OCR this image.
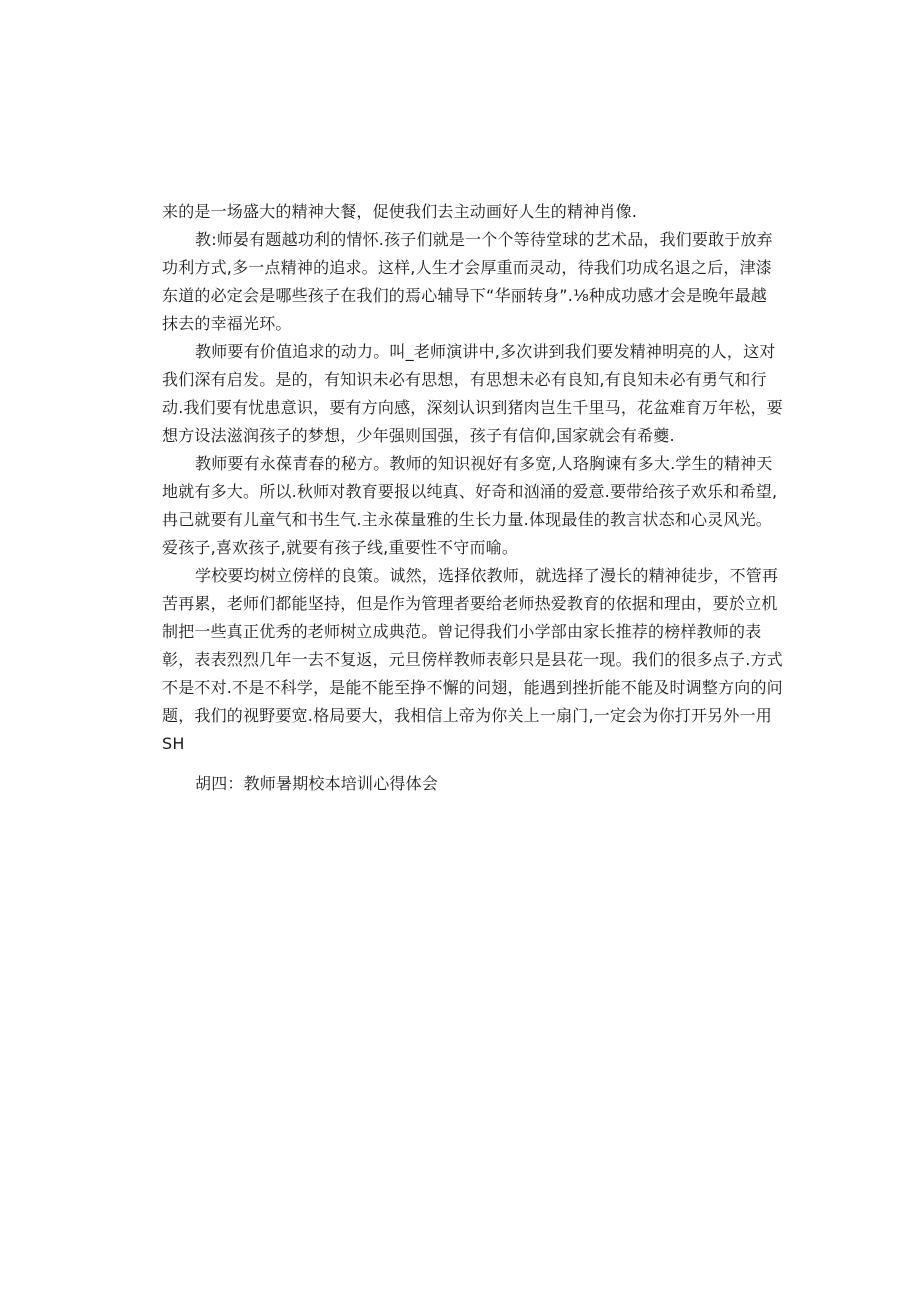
来的是一场盛大的精神大餐，促使我们去主动画好人生的精神肖像.

教:师晏有题越功利的情怀.孩子们就是一个个等待堂球的艺术品，我们要敢于放弃
功利方式,多一点精神的追求。这样,人生才会厚重而灵动，待我们功成名退之后，津漆
东道的必定会是哪些孩子在我们的焉心辅导下“华丽转身”.⅛种成功感才会是晚年最越
抹去的幸福光环。

教师要有价值追求的动力。叫_老师演讲中,多次讲到我们要发精神明亮的人，这对
我们深有启发。是的，有知识未必有思想，有思想未必有良知,有良知未必有勇气和行
动.我们要有忧患意识，要有方向感，深刻认识到猪肉岂生千里马，花盆难育万年松，要
想方设法滋润孩子的梦想，少年强则国强，孩子有信仰,国家就会有希夔.

教师要有永葆青春的秘方。教师的知识视好有多宽,人珞胸谏有多大.学生的精神天
地就有多大。所以.秋师对教育要报以纯真、好奇和汹涌的爱意.要带给孩子欢乐和希望,
冉己就要有儿童气和书生气.主永葆量雅的生长力量.体现最佳的教言状态和心灵风光。
爱孩子,喜欢孩子,就要有孩子线,重要性不守而喻。

学校要均树立傍样的良策。诚然，选择依教师，就选择了漫长的精神徒步，不管再
苦再累，老师们都能坚持，但是作为管理者要给老师热爱教育的依据和理由，要於立机
制把一些真正优秀的老师树立成典范。曾记得我们小学部由家长推荐的榜样教师的表
彰，表表烈烈几年一去不复返，元旦傍样教师表彰只是县花一现。我们的很多点子.方式
不是不对.不是不科学，是能不能至挣不懈的问翅，能遇到挫折能不能及时调整方向的问
题，我们的视野要宽.格局要大，我相信上帝为你关上一扇门,一定会为你打开另外一用
SH

胡四：教师暑期校本培训心得体会
